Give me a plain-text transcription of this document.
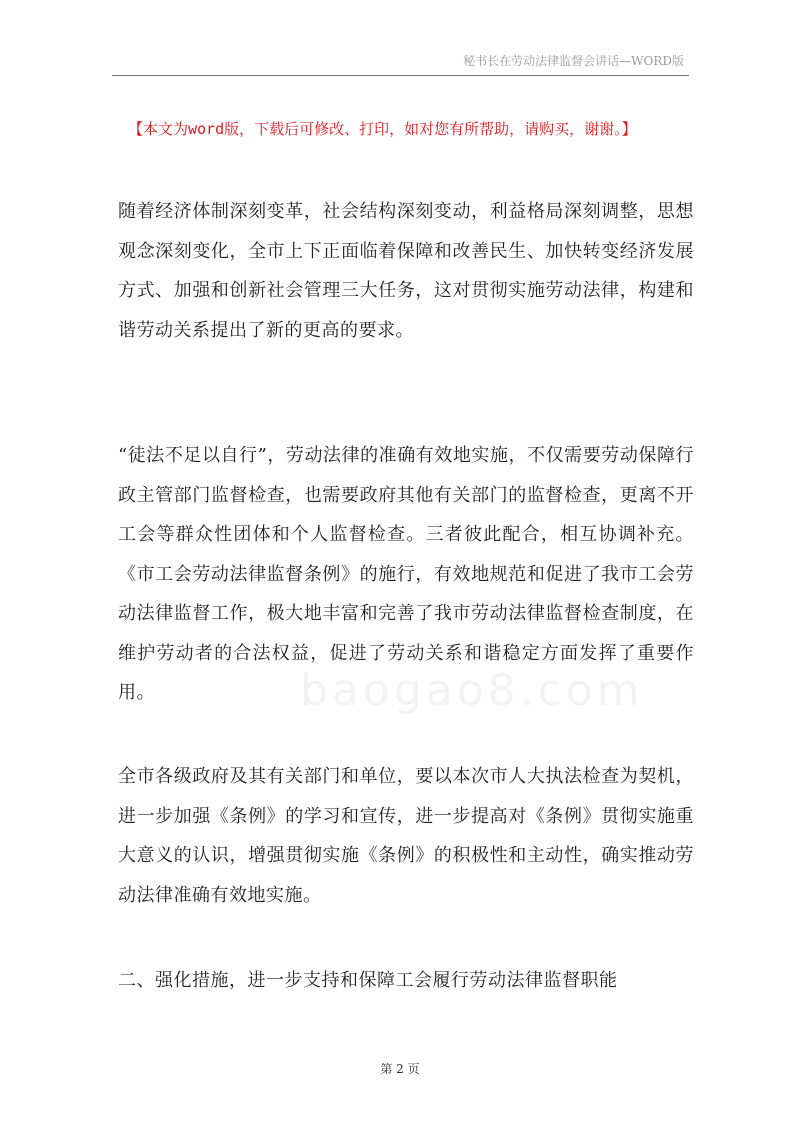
秘书长在劳动法律监督会讲话—WORD版
【本文为word版，下载后可修改、打印，如对您有所帮助，请购买，谢谢。】
baogao8.com
随着经济体制深刻变革，社会结构深刻变动，利益格局深刻调整，思想观念深刻变化，全市上下正面临着保障和改善民生、加快转变经济发展方式、加强和创新社会管理三大任务，这对贯彻实施劳动法律，构建和谐劳动关系提出了新的更高的要求。
“徒法不足以自行”，劳动法律的准确有效地实施，不仅需要劳动保障行政主管部门监督检查，也需要政府其他有关部门的监督检查，更离不开工会等群众性团体和个人监督检查。三者彼此配合，相互协调补充。《市工会劳动法律监督条例》的施行，有效地规范和促进了我市工会劳动法律监督工作，极大地丰富和完善了我市劳动法律监督检查制度，在维护劳动者的合法权益，促进了劳动关系和谐稳定方面发挥了重要作用。
全市各级政府及其有关部门和单位，要以本次市人大执法检查为契机，进一步加强《条例》的学习和宣传，进一步提高对《条例》贯彻实施重大意义的认识，增强贯彻实施《条例》的积极性和主动性，确实推动劳动法律准确有效地实施。
二、强化措施，进一步支持和保障工会履行劳动法律监督职能
第 2 页
